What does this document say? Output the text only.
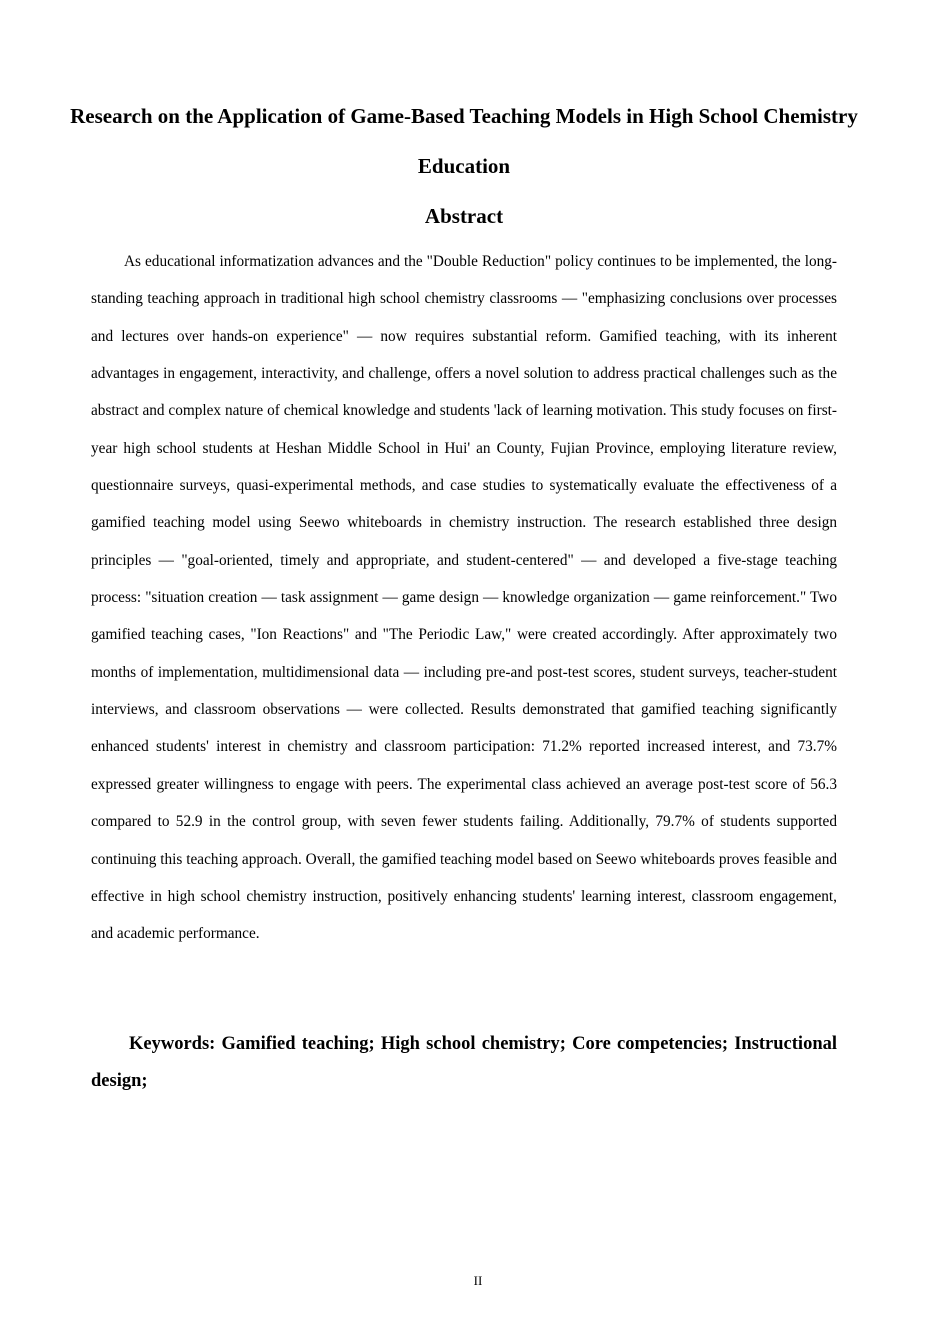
Research on the Application of Game-Based Teaching Models in High School Chemistry Education
Abstract

As educational informatization advances and the "Double Reduction" policy continues to be implemented, the long-standing teaching approach in traditional high school chemistry classrooms — "emphasizing conclusions over processes and lectures over hands-on experience" — now requires substantial reform. Gamified teaching, with its inherent advantages in engagement, interactivity, and challenge, offers a novel solution to address practical challenges such as the abstract and complex nature of chemical knowledge and students 'lack of learning motivation. This study focuses on first-year high school students at Heshan Middle School in Hui' an County, Fujian Province, employing literature review, questionnaire surveys, quasi-experimental methods, and case studies to systematically evaluate the effectiveness of a gamified teaching model using Seewo whiteboards in chemistry instruction. The research established three design principles — "goal-oriented, timely and appropriate, and student-centered" — and developed a five-stage teaching process: "situation creation — task assignment — game design — knowledge organization — game reinforcement." Two gamified teaching cases, "Ion Reactions" and "The Periodic Law," were created accordingly. After approximately two months of implementation, multidimensional data — including pre-and post-test scores, student surveys, teacher-student interviews, and classroom observations — were collected. Results demonstrated that gamified teaching significantly enhanced students' interest in chemistry and classroom participation: 71.2% reported increased interest, and 73.7% expressed greater willingness to engage with peers. The experimental class achieved an average post-test score of 56.3 compared to 52.9 in the control group, with seven fewer students failing. Additionally, 79.7% of students supported continuing this teaching approach. Overall, the gamified teaching model based on Seewo whiteboards proves feasible and effective in high school chemistry instruction, positively enhancing students' learning interest, classroom engagement, and academic performance.

Keywords: Gamified teaching; High school chemistry; Core competencies; Instructional design;

II
